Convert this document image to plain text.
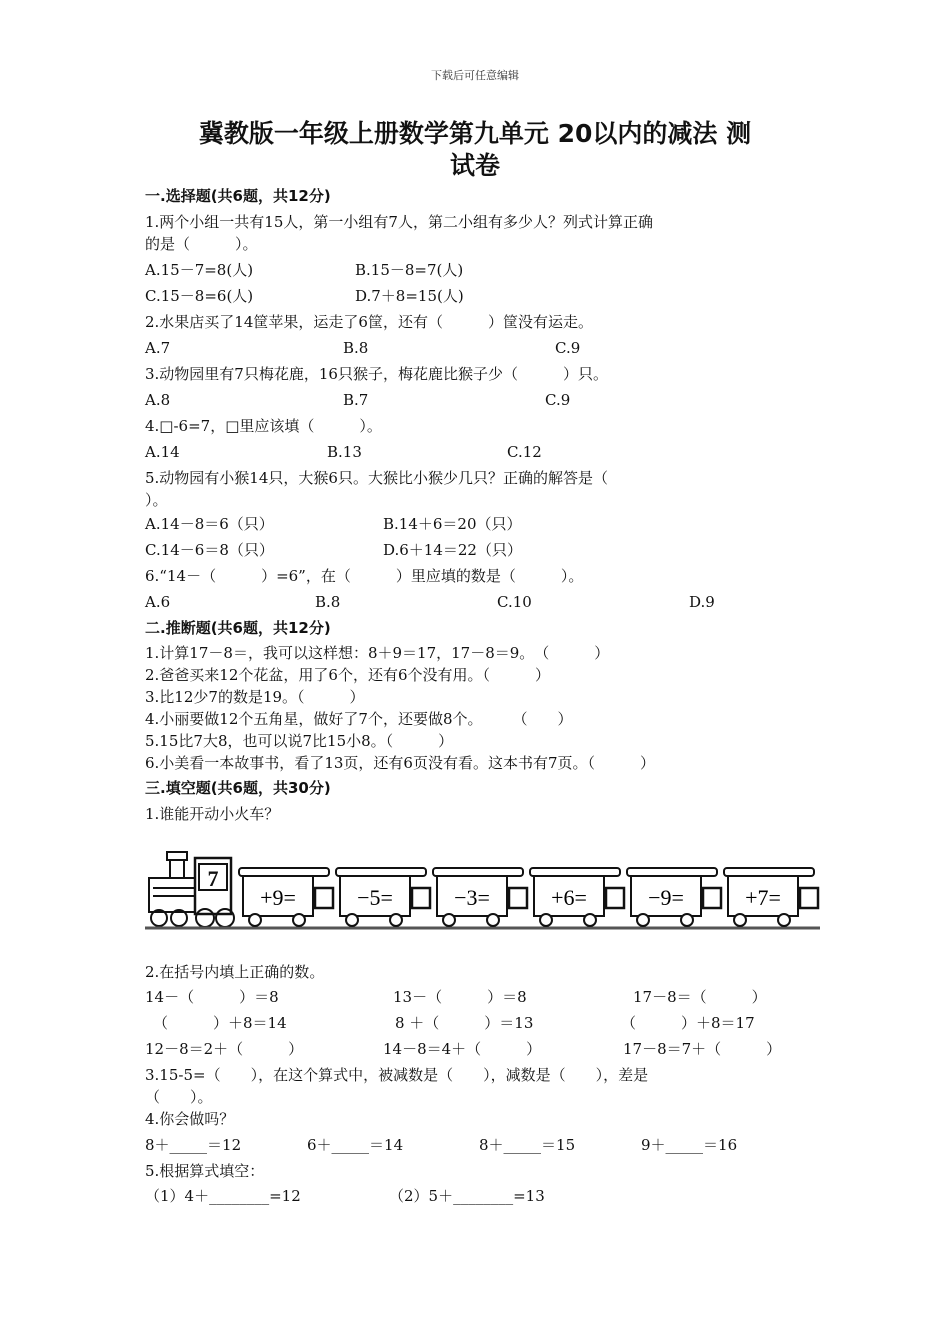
下载后可任意编辑
冀教版一年级上册数学第九单元 20以内的减法 测
试卷
一.选择题(共6题，共12分)
1.两个小组一共有15人，第一小组有7人，第二小组有多少人？列式计算正确
的是（　　　）。
A.15－7=8(人)	B.15－8=7(人)
C.15－8=6(人)	D.7＋8=15(人)
2.水果店买了14筐苹果，运走了6筐，还有（　　　）筐没有运走。
A.7	B.8	C.9
3.动物园里有7只梅花鹿，16只猴子，梅花鹿比猴子少（　　　）只。
A.8	B.7	C.9
4.□-6=7，□里应该填（　　　）。
A.14	B.13	C.12
5.动物园有小猴14只，大猴6只。大猴比小猴少几只？正确的解答是（
）。
A.14－8＝6（只）	B.14＋6＝20（只）
C.14－6＝8（只）	D.6＋14＝22（只）
6.“14－（　　　）=6”，在（　　　）里应填的数是（　　　）。
A.6	B.8	C.10	D.9
二.推断题(共6题，共12分)
1.计算17－8＝，我可以这样想：8＋9＝17，17－8＝9。　（　　　）
2.爸爸买来12个花盆，用了6个，还有6个没有用。（　　　）
3.比12少7的数是19。（　　　）
4.小丽要做12个五角星，做好了7个，还要做8个。　　　（　　）
5.15比7大8，也可以说7比15小8。（　　　）
6.小美看一本故事书，看了13页，还有6页没有看。这本书有7页。（　　　）
三.填空题(共6题，共30分)
1.谁能开动小火车？
7
+9=	−5=	−3=	+6=	−9=	+7=
2.在括号内填上正确的数。
14－（　　　）＝8	13－（　　　）＝8	17－8＝（　　　）
（　　　）＋8＝14	8 ＋（　　　）＝13	（　　　）＋8＝17
12－8＝2＋（　　　）	14－8＝4＋（　　　）	17－8＝7＋（　　　）
3.15-5=（　　），在这个算式中，被减数是（　　），减数是（　　），差是
（　　）。
4.你会做吗？
8＋_____＝12	6＋_____＝14	8＋_____＝15	9＋_____＝16
5.根据算式填空：
（1）4＋________=12	（2）5＋________=13
